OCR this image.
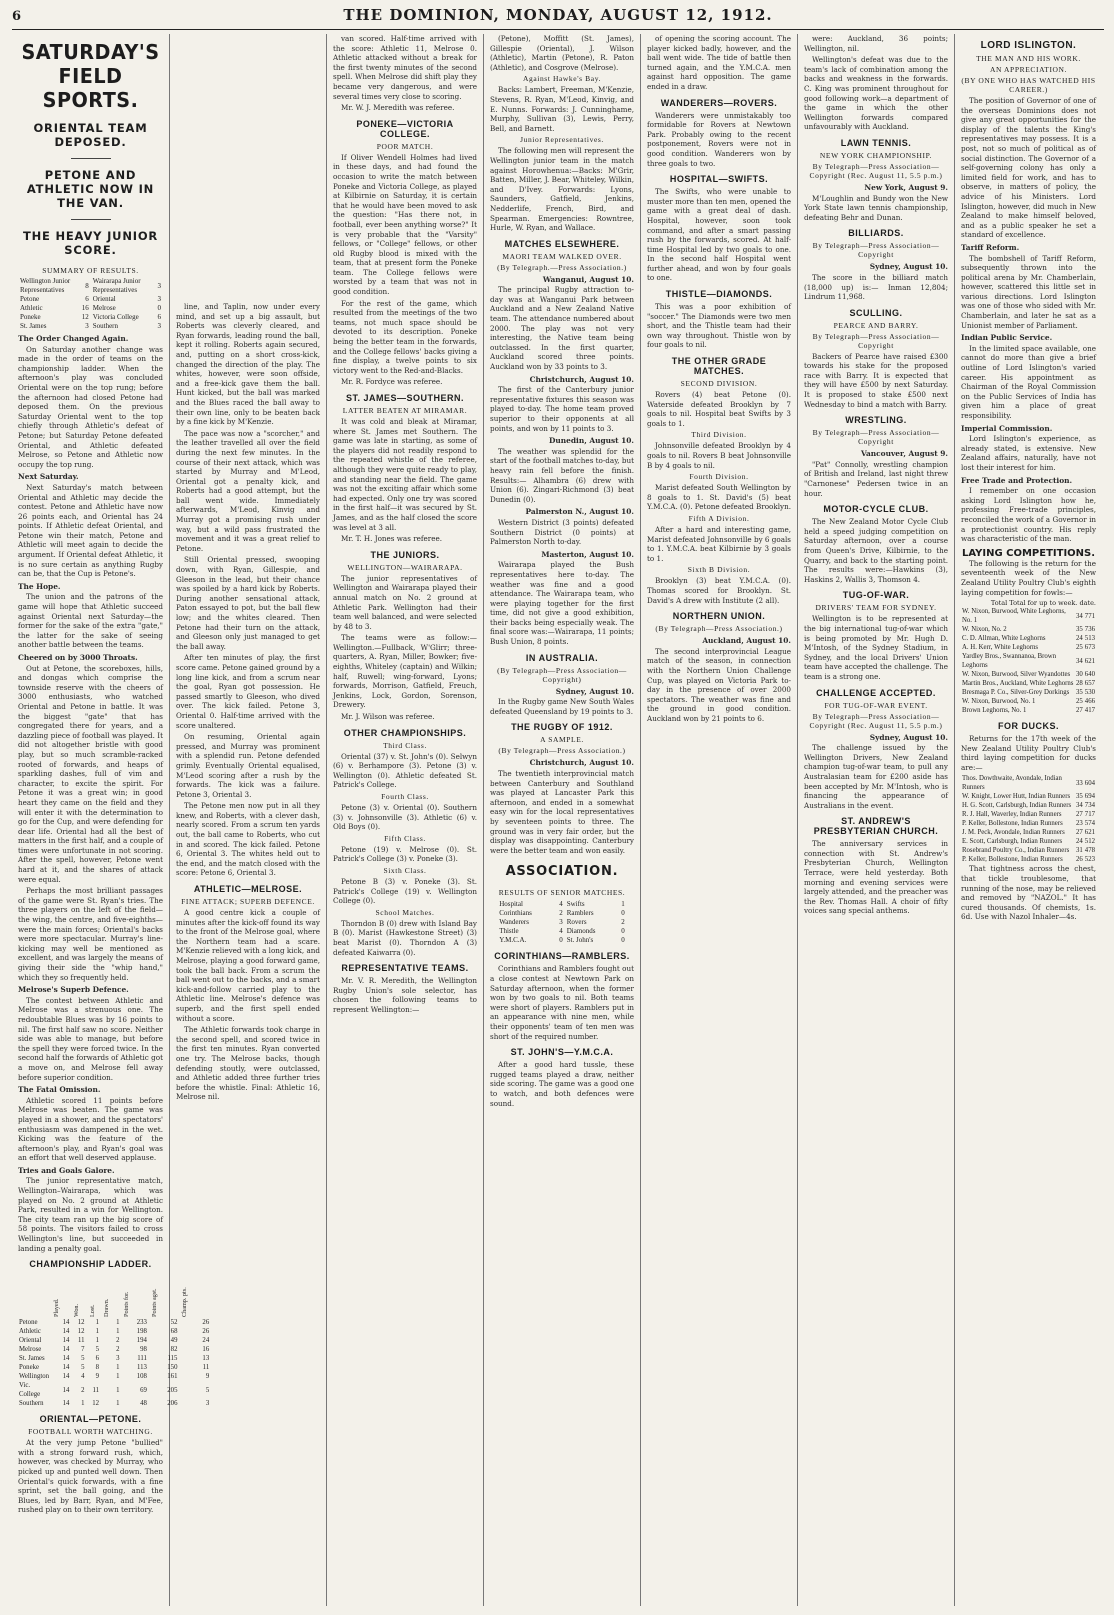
6	THE DOMINION, MONDAY, AUGUST 12, 1912.
SATURDAY'S FIELD SPORTS.
ORIENTAL TEAM DEPOSED.
PETONE AND ATHLETIC NOW IN THE VAN.
THE HEAVY JUNIOR SCORE.
SUMMARY OF RESULTS.
Wellington Junior Representatives	8	Wairarapa Junior Representatives	3
Petone	6	Oriental	3
Athletic	16	Melrose	0
Poneke	12	Victoria College	6
St. James	3	Southern	3

The Order Changed Again.

On Saturday another change was made in the order of teams on the championship ladder. When the afternoon's play was concluded Oriental were on the top rung; before the afternoon had closed Petone had deposed them. On the previous Saturday Oriental went to the top chiefly through Athletic's defeat of Petone; but Saturday Petone defeated Oriental, and Athletic defeated Melrose, so Petone and Athletic now occupy the top rung.

Next Saturday.

Next Saturday's match between Oriental and Athletic may decide the contest. Petone and Athletic have now 26 points each, and Oriental has 24 points. If Athletic defeat Oriental, and Petone win their match, Petone and Athletic will meet again to decide the argument. If Oriental defeat Athletic, it is no sure certain as anything Rugby can be, that the Cup is Petone's.

The Hope.

The union and the patrons of the game will hope that Athletic succeed against Oriental next Saturday—the former for the sake of the extra "gate," the latter for the sake of seeing another battle between the teams.

Cheered on by 3000 Throats.

Out at Petone, the scoreboxes, hills, and dongas which comprise the townside reserve with the cheers of 3000 enthusiasts, who watched Oriental and Petone in battle. It was the biggest "gate" that has congregated there for years, and a dazzling piece of football was played. It did not altogether bristle with good play, but so much scramble-racked rooted of forwards, and heaps of sparkling dashes, full of vim and character, to excite the spirit. For Petone it was a great win; in good heart they came on the field and they will enter it with the determination to go for the Cup, and were defending for dear life. Oriental had all the best of matters in the first half, and a couple of times were unfortunate in not scoring. After the spell, however, Petone went hard at it, and the shares of attack were equal.

Perhaps the most brilliant passages of the game were St. Ryan's tries. The three players on the left of the field—the wing, the centre, and five-eighths—were the main forces; Oriental's backs were more spectacular. Murray's line-kicking may well be mentioned as excellent, and was largely the means of giving their side the "whip hand," which they so frequently held.

Melrose's Superb Defence.

The contest between Athletic and Melrose was a strenuous one. The redoubtable Blues was by 16 points to nil. The first half saw no score. Neither side was able to manage, but before the spell they were forced twice. In the second half the forwards of Athletic got a move on, and Melrose fell away before superior condition.

The Fatal Omission.

Athletic scored 11 points before Melrose was beaten. The game was played in a shower, and the spectators' enthusiasm was dampened in the wet. Kicking was the feature of the afternoon's play, and Ryan's goal was an effort that well deserved applause.

Tries and Goals Galore.

The junior representative match, Wellington–Wairarapa, which was played on No. 2 ground at Athletic Park, resulted in a win for Wellington. The city team ran up the big score of 58 points. The visitors failed to cross Wellington's line, but succeeded in landing a penalty goal.

CHAMPIONSHIP LADDER.
	Played.	Won.	Lost.	Drawn.	Points for.	Points agst.	Champ. pts.
Petone	14	12	1	1	233	52	26
Athletic	14	12	1	1	198	68	26
Oriental	14	11	1	2	194	49	24
Melrose	14	7	5	2	98	82	16
St. James	14	5	6	3	111	115	13
Poneke	14	5	8	1	113	150	11
Wellington	14	4	9	1	108	161	9
Vic. College	14	2	11	1	69	205	5
Southern	14	1	12	1	48	206	3
ORIENTAL—PETONE.
FOOTBALL WORTH WATCHING.

At the very jump Petone "bullied" with a strong forward rush, which, however, was checked by Murray, who picked up and punted well down. Then Oriental's quick forwards, with a fine sprint, set the ball going, and the Blues, led by Barr, Ryan, and M'Fee, rushed play on to their own territory.

line, and Taplin, now under every mind, and set up a big assault, but Roberts was cleverly cleared, and Ryan forwards, leading round the ball, kept it rolling. Roberts again secured, and, putting on a short cross-kick, changed the direction of the play. The whites, however, were soon offside, and a free-kick gave them the ball. Hunt kicked, but the ball was marked and the Blues raced the ball away to their own line, only to be beaten back by a fine kick by M'Kenzie.

The pace was now a "scorcher," and the leather travelled all over the field during the next few minutes. In the course of their next attack, which was started by Murray and M'Leod, Oriental got a penalty kick, and Roberts had a good attempt, but the ball went wide. Immediately afterwards, M'Leod, Kinvig and Murray got a promising rush under way, but a wild pass frustrated the movement and it was a great relief to Petone.

Still Oriental pressed, swooping down, with Ryan, Gillespie, and Gleeson in the lead, but their chance was spoiled by a hard kick by Roberts. During another sensational attack, Paton essayed to pot, but the ball flew low; and the whites cleared. Then Petone had their turn on the attack, and Gleeson only just managed to get the ball away.

After ten minutes of play, the first score came. Petone gained ground by a long line kick, and from a scrum near the goal, Ryan got possession. He passed smartly to Gleeson, who dived over. The kick failed. Petone 3, Oriental 0. Half-time arrived with the score unaltered.

On resuming, Oriental again pressed, and Murray was prominent with a splendid run. Petone defended grimly. Eventually Oriental equalised, M'Leod scoring after a rush by the forwards. The kick was a failure. Petone 3, Oriental 3.

The Petone men now put in all they knew, and Roberts, with a clever dash, nearly scored. From a scrum ten yards out, the ball came to Roberts, who cut in and scored. The kick failed. Petone 6, Oriental 3. The whites held out to the end, and the match closed with the score: Petone 6, Oriental 3.

ATHLETIC—MELROSE.
FINE ATTACK; SUPERB DEFENCE.

A good centre kick a couple of minutes after the kick-off found its way to the front of the Melrose goal, where the Northern team had a scare. M'Kenzie relieved with a long kick, and Melrose, playing a good forward game, took the ball back. From a scrum the ball went out to the backs, and a smart kick-and-follow carried play to the Athletic line. Melrose's defence was superb, and the first spell ended without a score.

The Athletic forwards took charge in the second spell, and scored twice in the first ten minutes. Ryan converted one try. The Melrose backs, though defending stoutly, were outclassed, and Athletic added three further tries before the whistle. Final: Athletic 16, Melrose nil.

van scored. Half-time arrived with the score: Athletic 11, Melrose 0. Athletic attacked without a break for the first twenty minutes of the second spell. When Melrose did shift play they became very dangerous, and were several times very close to scoring.

Mr. W. J. Meredith was referee.

PONEKE—VICTORIA COLLEGE.
POOR MATCH.

If Oliver Wendell Holmes had lived in these days, and had found the occasion to write the match between Poneke and Victoria College, as played at Kilbirnie on Saturday, it is certain that he would have been moved to ask the question: "Has there not, in football, ever been anything worse?" It is very probable that the "Varsity" fellows, or "College" fellows, or other old Rugby blood is mixed with the team, that at present form the Poneke team. The College fellows were worsted by a team that was not in good condition.

For the rest of the game, which resulted from the meetings of the two teams, not much space should be devoted to its description. Poneke being the better team in the forwards, and the College fellows' backs giving a fine display, a twelve points to six victory went to the Red-and-Blacks.

Mr. R. Fordyce was referee.

ST. JAMES—SOUTHERN.
LATTER BEATEN AT MIRAMAR.

It was cold and bleak at Miramar, where St. James met Southern. The game was late in starting, as some of the players did not readily respond to the repeated whistle of the referee, although they were quite ready to play, and standing near the field. The game was not the exciting affair which some had expected. Only one try was scored in the first half—it was secured by St. James, and as the half closed the score was level at 3 all.

Mr. T. H. Jones was referee.

THE JUNIORS.
WELLINGTON—WAIRARAPA.

The junior representatives of Wellington and Wairarapa played their annual match on No. 2 ground at Athletic Park. Wellington had their team well balanced, and were selected by 48 to 3.

The teams were as follow:— Wellington.—Fullback, W'Glirr; three-quarters, A. Ryan, Miller, Bowker; five-eighths, Whiteley (captain) and Wilkin; half, Ruwell; wing-forward, Lyons; forwards, Morrison, Gatfield, Freuch, Jenkins, Lock, Gordon, Sorenson, Drewery.

Mr. J. Wilson was referee.

OTHER CHAMPIONSHIPS.
Third Class.

Oriental (37) v. St. John's (0). Selwyn (6) v. Berhampore (3). Petone (3) v. Wellington (0). Athletic defeated St. Patrick's College.

Fourth Class.

Petone (3) v. Oriental (0). Southern (3) v. Johnsonville (3). Athletic (6) v. Old Boys (0).

Fifth Class.

Petone (19) v. Melrose (0). St. Patrick's College (3) v. Poneke (3).

Sixth Class.

Petone B (3) v. Poneke (3). St. Patrick's College (19) v. Wellington College (0).

School Matches.

Thorndon B (0) drew with Island Bay B (0). Marist (Hawkestone Street) (3) beat Marist (0). Thorndon A (3) defeated Kaiwarra (0).

REPRESENTATIVE TEAMS.

Mr. V. R. Meredith, the Wellington Rugby Union's sole selector, has chosen the following teams to represent Wellington:—

(Petone), Moffitt (St. James), Gillespie (Oriental), J. Wilson (Athletic), Martin (Petone), R. Paton (Athletic), and Cosgrove (Melrose).

Against Hawke's Bay.

Backs: Lambert, Freeman, M'Kenzie, Stevens, R. Ryan, M'Leod, Kinvig, and E. Nunns. Forwards: J. Cunninghame, Murphy, Sullivan (3), Lewis, Perry, Bell, and Barnett.

Junior Representatives.

The following men will represent the Wellington junior team in the match against Horowhenua:—Backs: M'Grir, Batten, Miller, J. Bear, Whiteley, Wilkin, and D'Ivey. Forwards: Lyons, Saunders, Gatfield, Jenkins, Nedderlife, French, Bird, and Spearman. Emergencies: Rowntree, Hurle, W. Ryan, and Wallace.

MATCHES ELSEWHERE.
MAORI TEAM WALKED OVER.
(By Telegraph.—Press Association.)

Wanganui, August 10.

The principal Rugby attraction to-day was at Wanganui Park between Auckland and a New Zealand Native team. The attendance numbered about 2000. The play was not very interesting, the Native team being outclassed. In the first quarter, Auckland scored three points. Auckland won by 33 points to 3.

Christchurch, August 10.

The first of the Canterbury junior representative fixtures this season was played to-day. The home team proved superior to their opponents at all points, and won by 11 points to 3.

Dunedin, August 10.

The weather was splendid for the start of the football matches to-day, but heavy rain fell before the finish. Results:— Alhambra (6) drew with Union (6). Zingari-Richmond (3) beat Dunedin (0).

Palmerston N., August 10.

Western District (3 points) defeated Southern District (0 points) at Palmerston North to-day.

Masterton, August 10.

Wairarapa played the Bush representatives here to-day. The weather was fine and a good attendance. The Wairarapa team, who were playing together for the first time, did not give a good exhibition, their backs being especially weak. The final score was:—Wairarapa, 11 points; Bush Union, 8 points.

IN AUSTRALIA.
(By Telegraph—Press Association—Copyright)

Sydney, August 10.

In the Rugby game New South Wales defeated Queensland by 19 points to 3.

THE RUGBY OF 1912.
A SAMPLE.
(By Telegraph—Press Association.)

Christchurch, August 10.

The twentieth interprovincial match between Canterbury and Southland was played at Lancaster Park this afternoon, and ended in a somewhat easy win for the local representatives by seventeen points to three. The ground was in very fair order, but the display was disappointing. Canterbury were the better team and won easily.

ASSOCIATION.
RESULTS OF SENIOR MATCHES.
Hospital	4	Swifts	1
Corinthians	2	Ramblers	0
Wanderers	3	Rovers	2
Thistle	4	Diamonds	0
Y.M.C.A.	0	St. John's	0
CORINTHIANS—RAMBLERS.

Corinthians and Ramblers fought out a close contest at Newtown Park on Saturday afternoon, when the former won by two goals to nil. Both teams were short of players. Ramblers put in an appearance with nine men, while their opponents' team of ten men was short of the required number.

ST. JOHN'S—Y.M.C.A.

After a good hard tussle, these rugged teams played a draw, neither side scoring. The game was a good one to watch, and both defences were sound.

of opening the scoring account. The player kicked badly, however, and the ball went wide. The tide of battle then turned again, and the Y.M.C.A. men against hard opposition. The game ended in a draw.

WANDERERS—ROVERS.

Wanderers were unmistakably too formidable for Rovers at Newtown Park. Probably owing to the recent postponement, Rovers were not in good condition. Wanderers won by three goals to two.

HOSPITAL—SWIFTS.

The Swifts, who were unable to muster more than ten men, opened the game with a great deal of dash. Hospital, however, soon took command, and after a smart passing rush by the forwards, scored. At half-time Hospital led by two goals to one. In the second half Hospital went further ahead, and won by four goals to one.

THISTLE—DIAMONDS.

This was a poor exhibition of "soccer." The Diamonds were two men short, and the Thistle team had their own way throughout. Thistle won by four goals to nil.

THE OTHER GRADE MATCHES.
SECOND DIVISION.

Rovers (4) beat Petone (0). Waterside defeated Brooklyn by 7 goals to nil. Hospital beat Swifts by 3 goals to 1.

Third Division.

Johnsonville defeated Brooklyn by 4 goals to nil. Rovers B beat Johnsonville B by 4 goals to nil.

Fourth Division.

Marist defeated South Wellington by 8 goals to 1. St. David's (5) beat Y.M.C.A. (0). Petone defeated Brooklyn.

Fifth A Division.

After a hard and interesting game, Marist defeated Johnsonville by 6 goals to 1. Y.M.C.A. beat Kilbirnie by 3 goals to 1.

Sixth B Division.

Brooklyn (3) beat Y.M.C.A. (0). Thomas scored for Brooklyn. St. David's A drew with Institute (2 all).

NORTHERN UNION.
(By Telegraph—Press Association.)

Auckland, August 10.

The second interprovincial League match of the season, in connection with the Northern Union Challenge Cup, was played on Victoria Park to-day in the presence of over 2000 spectators. The weather was fine and the ground in good condition. Auckland won by 21 points to 6.

were: Auckland, 36 points; Wellington, nil.

Wellington's defeat was due to the team's lack of combination among the backs and weakness in the forwards. C. King was prominent throughout for good following work—a department of the game in which the other Wellington forwards compared unfavourably with Auckland.

LAWN TENNIS.
NEW YORK CHAMPIONSHIP.
By Telegraph—Press Association—Copyright (Rec. August 11, 5.5 p.m.)

New York, August 9.

M'Loughlin and Bundy won the New York State lawn tennis championship, defeating Behr and Dunan.

BILLIARDS.
By Telegraph—Press Association—Copyright

Sydney, August 10.

The score in the billiard match (18,000 up) is:— Inman 12,804; Lindrum 11,968.

SCULLING.
PEARCE AND BARRY.
By Telegraph—Press Association—Copyright

Backers of Pearce have raised £300 towards his stake for the proposed race with Barry. It is expected that they will have £500 by next Saturday. It is proposed to stake £500 next Wednesday to bind a match with Barry.

WRESTLING.
By Telegraph—Press Association—Copyright

Vancouver, August 9.

"Pat" Connolly, wrestling champion of British and Ireland, last night threw "Carnonese" Pedersen twice in an hour.

MOTOR-CYCLE CLUB.

The New Zealand Motor Cycle Club held a speed judging competition on Saturday afternoon, over a course from Queen's Drive, Kilbirnie, to the Quarry, and back to the starting point. The results were:—Hawkins (3), Haskins 2, Wallis 3, Thomson 4.

TUG-OF-WAR.
DRIVERS' TEAM FOR SYDNEY.

Wellington is to be represented at the big international tug-of-war which is being promoted by Mr. Hugh D. M'Intosh, of the Sydney Stadium, in Sydney, and the local Drivers' Union team have accepted the challenge. The team is a strong one.

CHALLENGE ACCEPTED.
FOR TUG-OF-WAR EVENT.
By Telegraph—Press Association—Copyright (Rec. August 11, 5.5 p.m.)

Sydney, August 10.

The challenge issued by the Wellington Drivers, New Zealand champion tug-of-war team, to pull any Australasian team for £200 aside has been accepted by Mr. M'Intosh, who is financing the appearance of Australians in the event.

ST. ANDREW'S PRESBYTERIAN CHURCH.

The anniversary services in connection with St. Andrew's Presbyterian Church, Wellington Terrace, were held yesterday. Both morning and evening services were largely attended, and the preacher was the Rev. Thomas Hall. A choir of fifty voices sang special anthems.

LORD ISLINGTON.
THE MAN AND HIS WORK.
AN APPRECIATION.
(BY ONE WHO HAS WATCHED HIS CAREER.)

The position of Governor of one of the overseas Dominions does not give any great opportunities for the display of the talents the King's representatives may possess. It is a post, not so much of political as of social distinction. The Governor of a self-governing colony has only a limited field for work, and has to observe, in matters of policy, the advice of his Ministers. Lord Islington, however, did much in New Zealand to make himself beloved, and as a public speaker he set a standard of excellence.

Tariff Reform.

The bombshell of Tariff Reform, subsequently thrown into the political arena by Mr. Chamberlain, however, scattered this little set in various directions. Lord Islington was one of those who sided with Mr. Chamberlain, and later he sat as a Unionist member of Parliament.

Indian Public Service.

In the limited space available, one cannot do more than give a brief outline of Lord Islington's varied career. His appointment as Chairman of the Royal Commission on the Public Services of India has given him a place of great responsibility.

Imperial Commission.

Lord Islington's experience, as already stated, is extensive. New Zealand affairs, naturally, have not lost their interest for him.

Free Trade and Protection.

I remember on one occasion asking Lord Islington how he, professing Free-trade principles, reconciled the work of a Governor in a protectionist country. His reply was characteristic of the man.

LAYING COMPETITIONS.

The following is the return for the seventeenth week of the New Zealand Utility Poultry Club's eighth laying competition for fowls:—

Total Total for up to week. date.
W. Nixon, Burwood, White Leghorns, No. 1	34	771
W. Nixon, No. 2	35	736
C. D. Allman, White Leghorns	24	513
A. H. Kerr, White Leghorns	25	673
Yardley Bros., Swannanoa, Brown Leghorns	34	621
W. Nixon, Burwood, Silver Wyandottes	30	640
Martin Bros., Auckland, White Leghorns	28	657
Bresmaga P. Co., Silver-Grey Dorkings	35	530
W. Nixon, Burwood, No. 1	25	466
Brown Leghorns, No. 1	27	417
FOR DUCKS.

Returns for the 17th week of the New Zealand Utility Poultry Club's third laying competition for ducks are:—

Thos. Dowthwaite, Avondale, Indian Runners	33	604
W. Knight, Lower Hutt, Indian Runners	35	694
H. G. Scott, Carlsburgh, Indian Runners	34	734
R. J. Hall, Waverley, Indian Runners	27	717
P. Keller, Bollestone, Indian Runners	23	574
J. M. Peck, Avondale, Indian Runners	27	621
E. Scott, Carlsburgh, Indian Runners	24	512
Rosebrand Poultry Co., Indian Runners	31	478
P. Keller, Bollestone, Indian Runners	26	523

That tightness across the chest, that tickle troublesome, that running of the nose, may be relieved and removed by "NAZOL." It has cured thousands. Of chemists, 1s. 6d. Use with Nazol Inhaler—4s.
